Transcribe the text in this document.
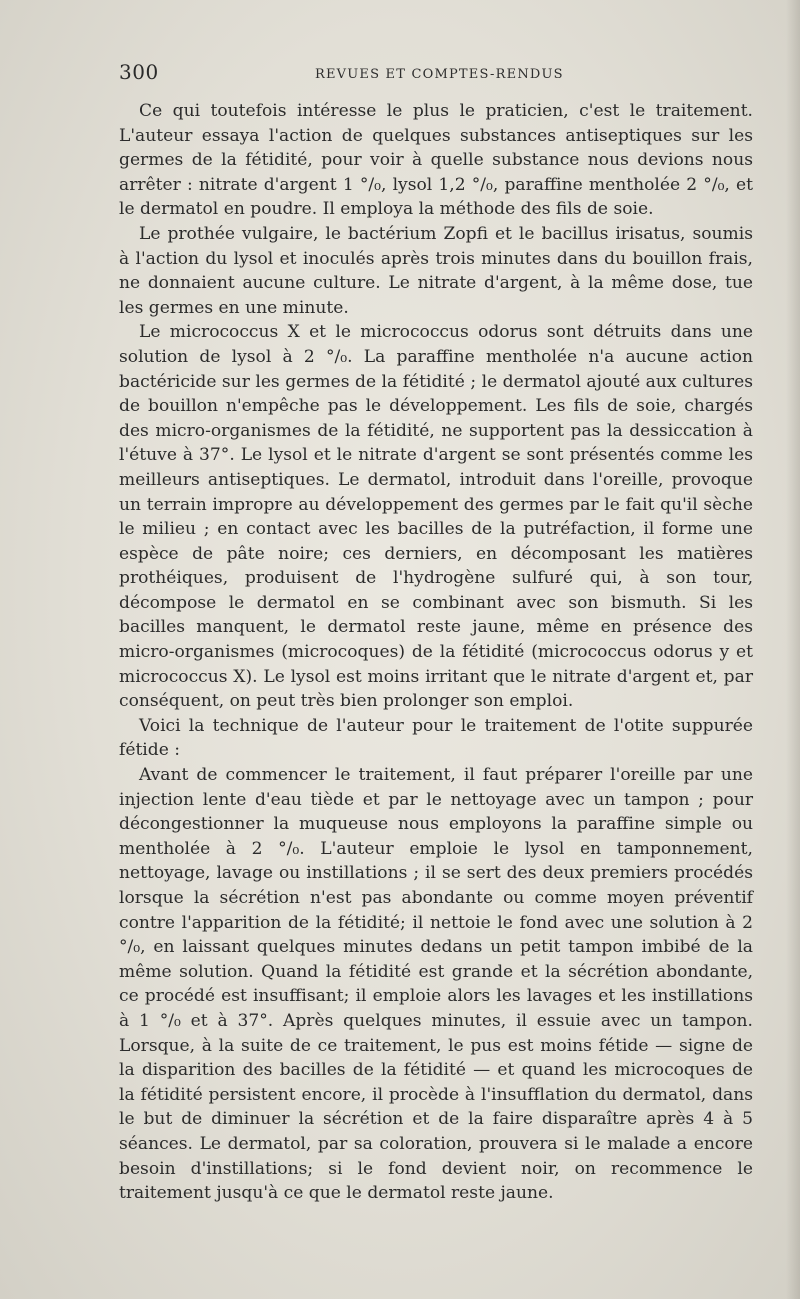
300	REVUES ET COMPTES-RENDUS

Ce qui toutefois intéresse le plus le praticien, c'est le traitement. L'auteur essaya l'action de quelques substances antiseptiques sur les germes de la fétidité, pour voir à quelle substance nous devions nous arrêter : nitrate d'argent 1 °/₀, lysol 1,2 °/₀, paraffine mentholée 2 °/₀, et le dermatol en poudre. Il employa la méthode des fils de soie.

Le prothée vulgaire, le bactérium Zopfi et le bacillus irisatus, soumis à l'action du lysol et inoculés après trois minutes dans du bouillon frais, ne donnaient aucune culture. Le nitrate d'argent, à la même dose, tue les germes en une minute.

Le micrococcus X et le micrococcus odorus sont détruits dans une solution de lysol à 2 °/₀. La paraffine mentholée n'a aucune action bactéricide sur les germes de la fétidité ; le dermatol ajouté aux cultures de bouillon n'empêche pas le développement. Les fils de soie, chargés des micro-organismes de la fétidité, ne supportent pas la dessiccation à l'étuve à 37°. Le lysol et le nitrate d'argent se sont présentés comme les meilleurs antiseptiques. Le dermatol, introduit dans l'oreille, provoque un terrain impropre au développement des germes par le fait qu'il sèche le milieu ; en contact avec les bacilles de la putréfaction, il forme une espèce de pâte noire; ces derniers, en décomposant les matières prothéiques, produisent de l'hydrogène sulfuré qui, à son tour, décompose le dermatol en se combinant avec son bismuth. Si les bacilles manquent, le dermatol reste jaune, même en présence des micro-organismes (microcoques) de la fétidité (micrococcus odorus y et micrococcus X). Le lysol est moins irritant que le nitrate d'argent et, par conséquent, on peut très bien prolonger son emploi.

Voici la technique de l'auteur pour le traitement de l'otite suppurée fétide :

Avant de commencer le traitement, il faut préparer l'oreille par une injection lente d'eau tiède et par le nettoyage avec un tampon ; pour décongestionner la muqueuse nous employons la paraffine simple ou mentholée à 2 °/₀. L'auteur emploie le lysol en tamponnement, nettoyage, lavage ou instillations ; il se sert des deux premiers procédés lorsque la sécrétion n'est pas abondante ou comme moyen préventif contre l'apparition de la fétidité; il nettoie le fond avec une solution à 2 °/₀, en laissant quelques minutes dedans un petit tampon imbibé de la même solution. Quand la fétidité est grande et la sécrétion abondante, ce procédé est insuffisant; il emploie alors les lavages et les instillations à 1 °/₀ et à 37°. Après quelques minutes, il essuie avec un tampon. Lorsque, à la suite de ce traitement, le pus est moins fétide — signe de la disparition des bacilles de la fétidité — et quand les microcoques de la fétidité persistent encore, il procède à l'insufflation du dermatol, dans le but de diminuer la sécrétion et de la faire disparaître après 4 à 5 séances. Le dermatol, par sa coloration, prouvera si le malade a encore besoin d'instillations; si le fond devient noir, on recommence le traitement jusqu'à ce que le dermatol reste jaune.
